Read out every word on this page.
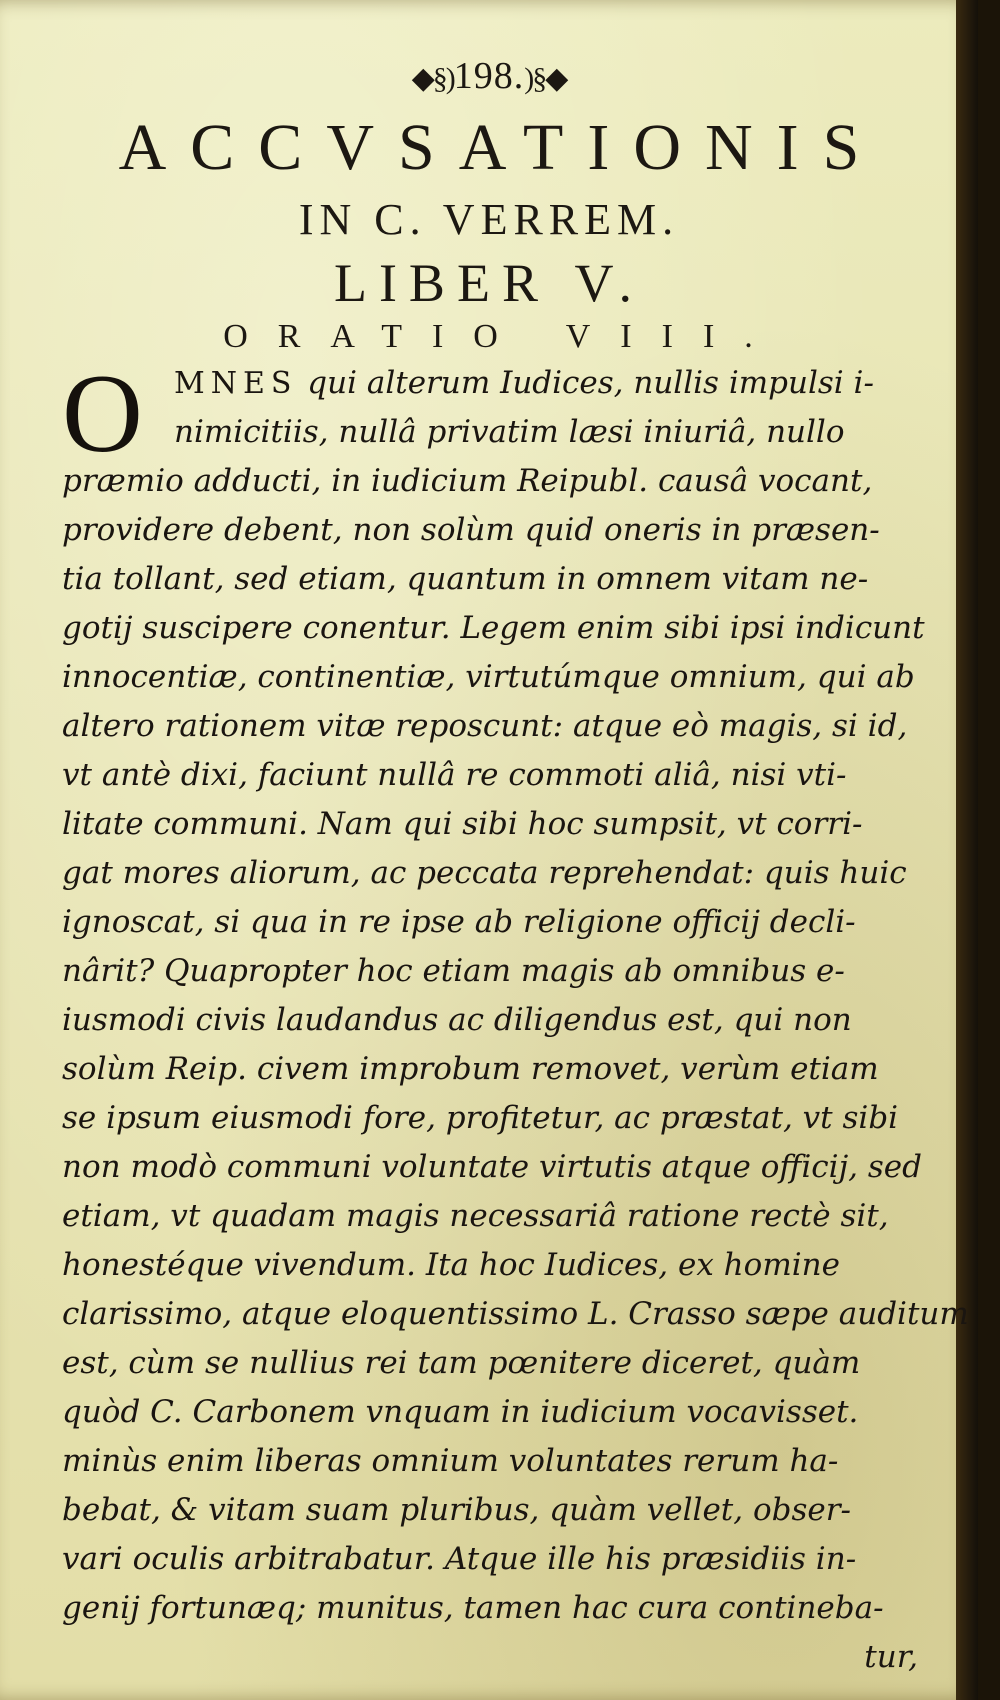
◆§)198.)§◆
ACCVSATIONIS
IN C. VERREM.
LIBER V.
ORATIO VIII.
O MNES qui alterum Iudices, nullis impulsi i-
nimicitiis, nullâ privatim læsi iniuriâ, nullo
præmio adducti, in iudicium Reipubl. causâ vocant,
providere debent, non solùm quid oneris in præsen-
tia tollant, sed etiam, quantum in omnem vitam ne-
gotij suscipere conentur. Legem enim sibi ipsi indicunt
innocentiæ, continentiæ, virtutúmque omnium, qui ab
altero rationem vitæ reposcunt: atque eò magis, si id,
vt antè dixi, faciunt nullâ re commoti aliâ, nisi vti-
litate communi. Nam qui sibi hoc sumpsit, vt corri-
gat mores aliorum, ac peccata reprehendat: quis huic
ignoscat, si qua in re ipse ab religione officij decli-
nârit? Quapropter hoc etiam magis ab omnibus e-
iusmodi civis laudandus ac diligendus est, qui non
solùm Reip. civem improbum removet, verùm etiam
se ipsum eiusmodi fore, profitetur, ac præstat, vt sibi
non modò communi voluntate virtutis atque officij, sed
etiam, vt quadam magis necessariâ ratione rectè sit,
honestéque vivendum. Ita hoc Iudices, ex homine
clarissimo, atque eloquentissimo L. Crasso sæpe auditum
est, cùm se nullius rei tam pœnitere diceret, quàm
quòd C. Carbonem vnquam in iudicium vocavisset.
minùs enim liberas omnium voluntates rerum ha-
bebat, & vitam suam pluribus, quàm vellet, obser-
vari oculis arbitrabatur. Atque ille his præsidiis in-
genij fortunæq; munitus, tamen hac cura contineba-
tur,
